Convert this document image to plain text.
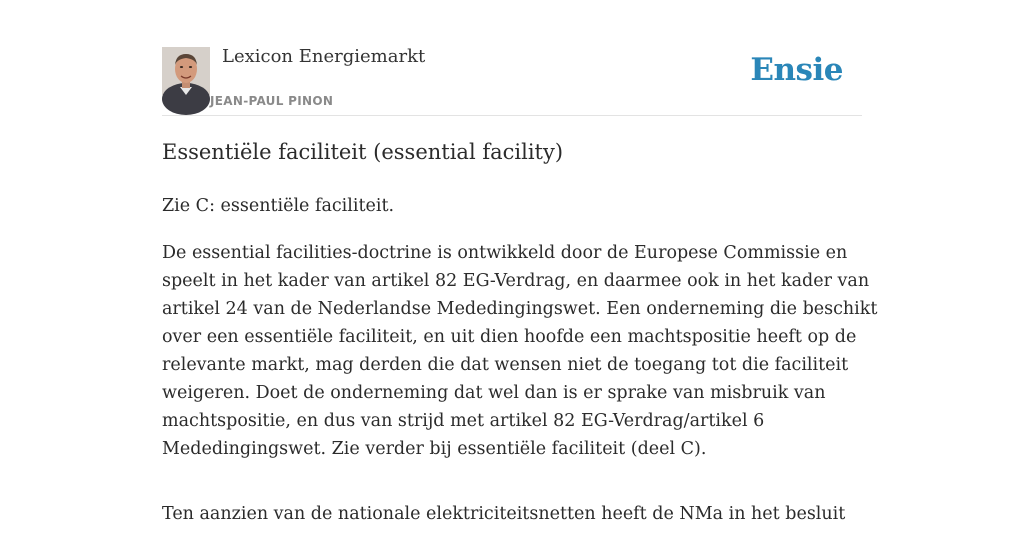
Lexicon Energiemarkt
JEAN-PAUL PINON
Ensie
Essentiële faciliteit (essential facility)

Zie C: essentiële faciliteit.

De essential facilities-doctrine is ontwikkeld door de Europese Commissie en
speelt in het kader van artikel 82 EG-Verdrag, en daarmee ook in het kader van
artikel 24 van de Nederlandse Mededingingswet. Een onderneming die beschikt
over een essentiële faciliteit, en uit dien hoofde een machtspositie heeft op de
relevante markt, mag derden die dat wensen niet de toegang tot die faciliteit
weigeren. Doet de onderneming dat wel dan is er sprake van misbruik van
machtspositie, en dus van strijd met artikel 82 EG-Verdrag/artikel 6
Mededingingswet. Zie verder bij essentiële faciliteit (deel C).

Ten aanzien van de nationale elektriciteitsnetten heeft de NMa in het besluit
